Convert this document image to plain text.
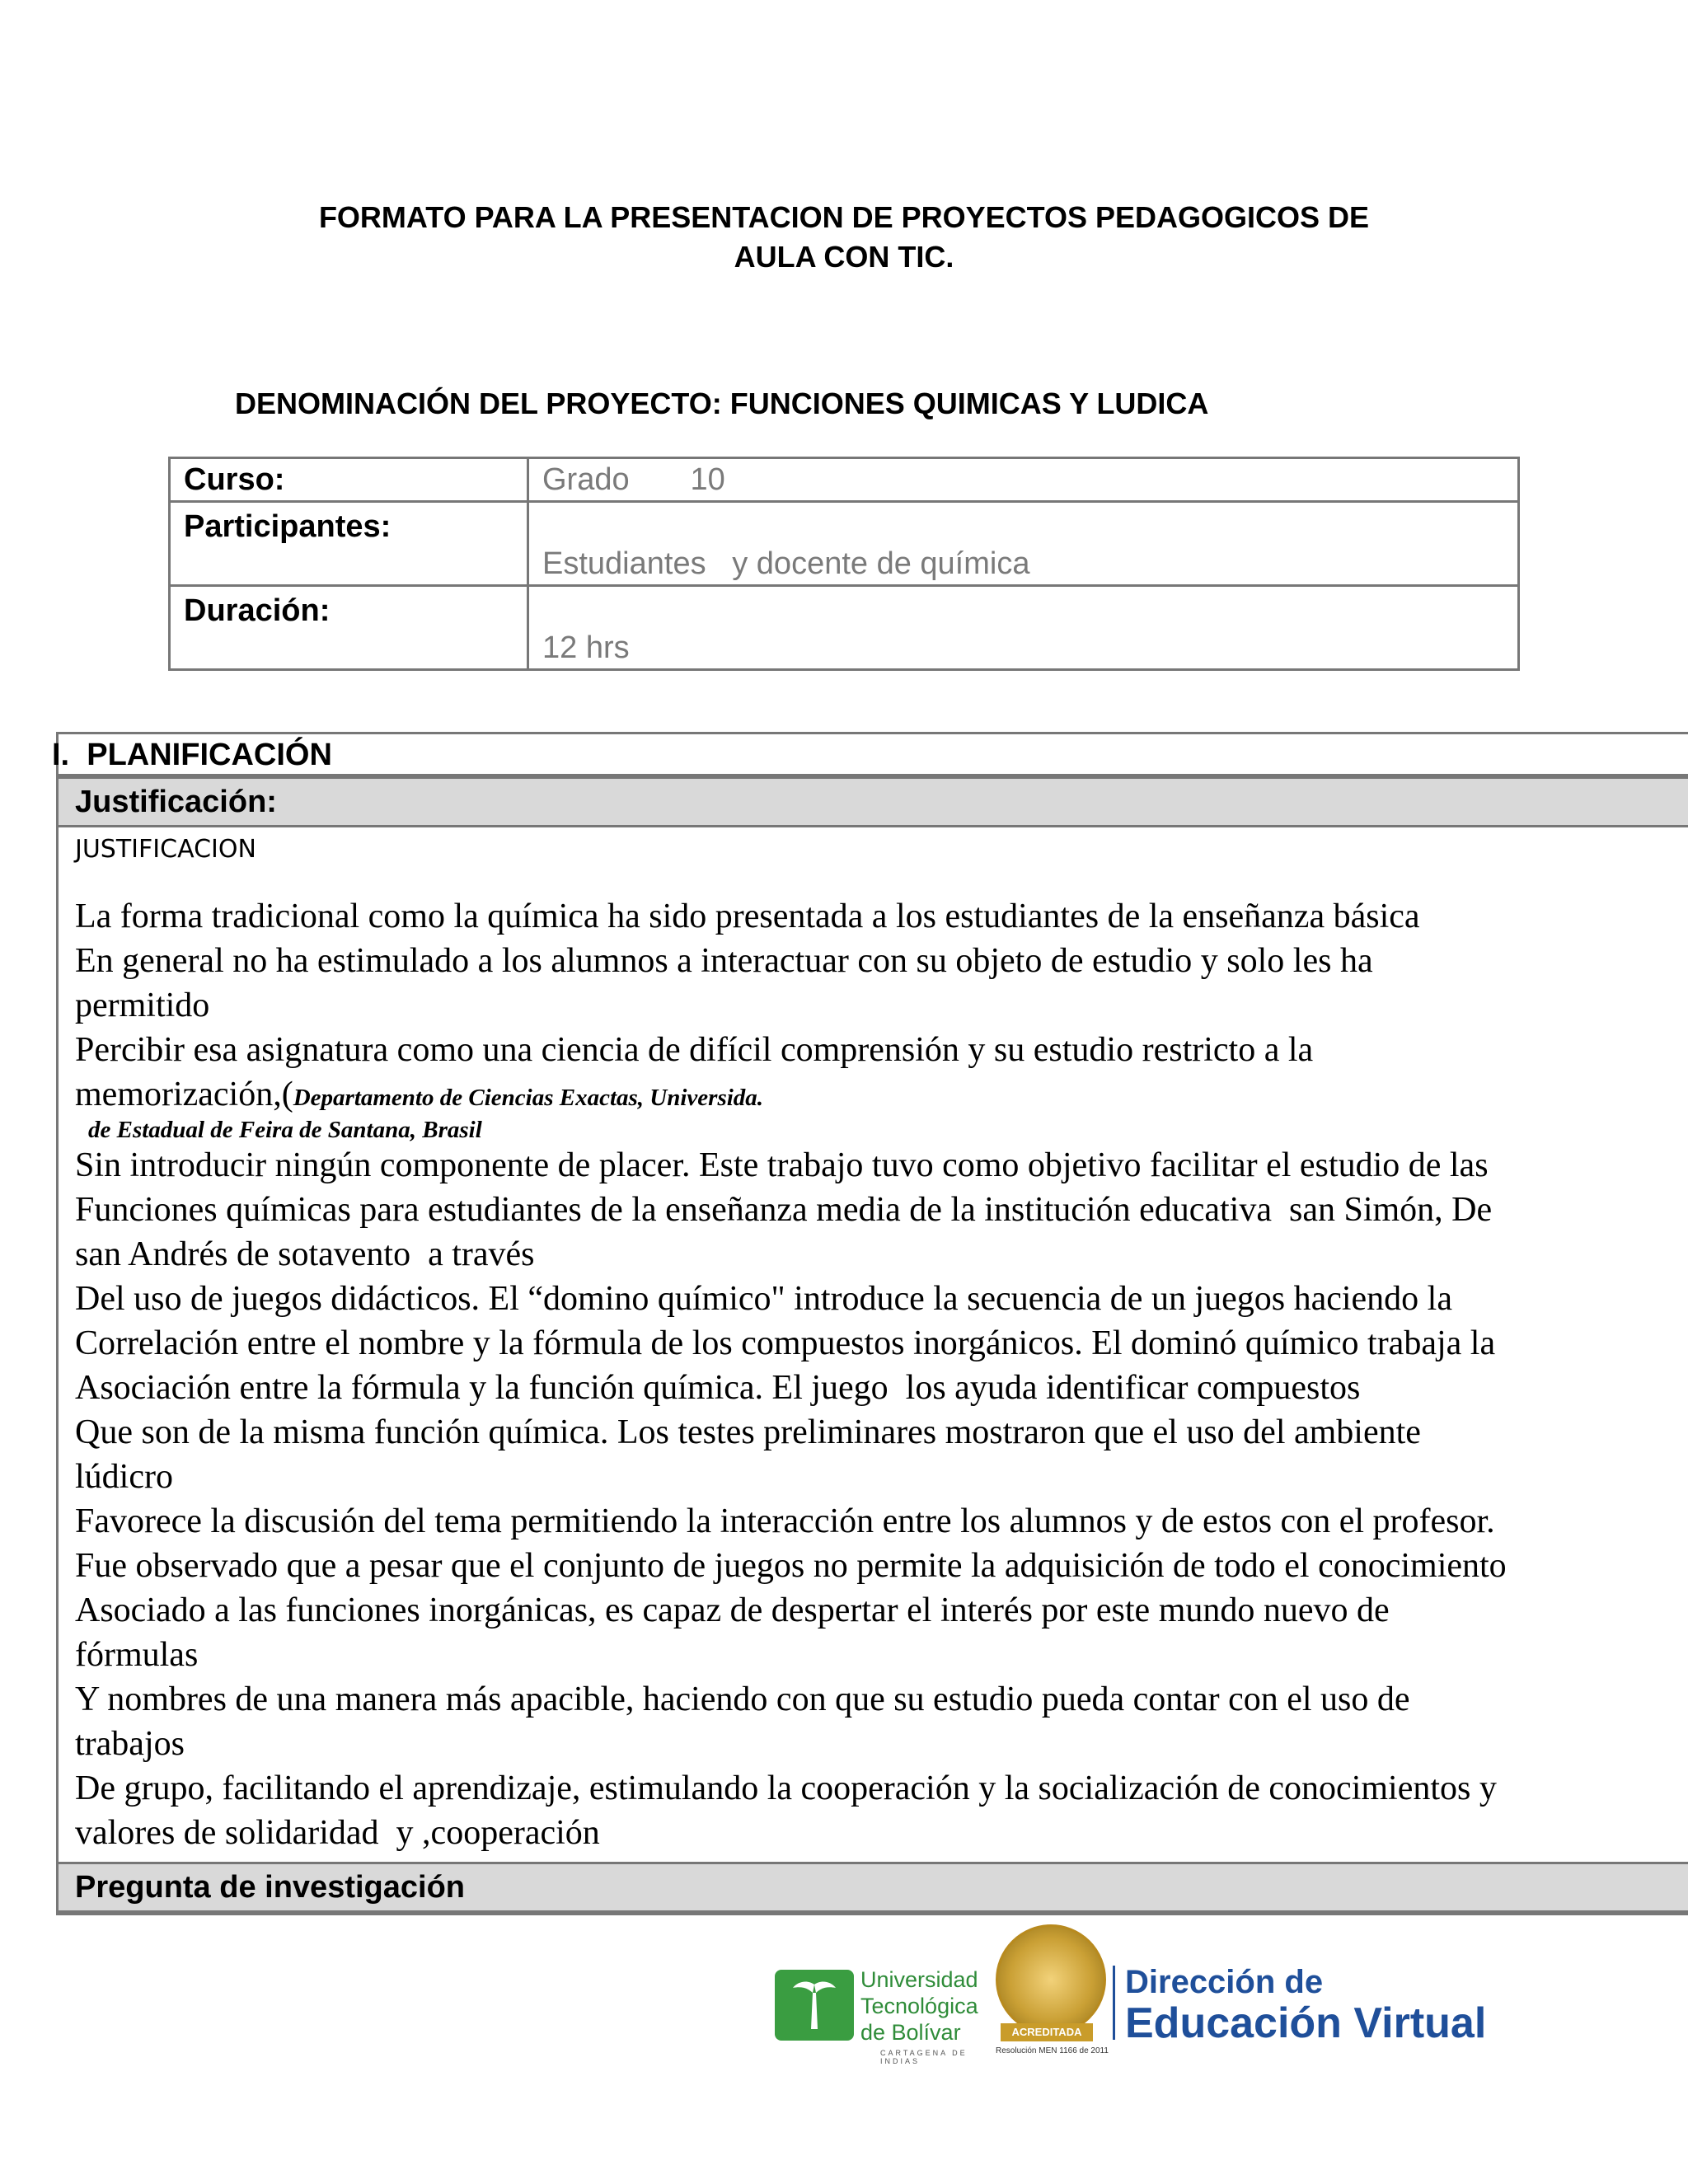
FORMATO PARA LA PRESENTACION DE PROYECTOS PEDAGOGICOS DE
AULA CON TIC.
DENOMINACIÓN DEL PROYECTO: FUNCIONES QUIMICAS Y LUDICA
Curso:	Grado       10
Participantes:	Estudiantes   y docente de química
Duración:	12 hrs
I.  PLANIFICACIÓN
Justificación:
JUSTIFICACION

La forma tradicional como la química ha sido presentada a los estudiantes de la enseñanza básica

En general no ha estimulado a los alumnos a interactuar con su objeto de estudio y solo les ha

permitido

Percibir esa asignatura como una ciencia de difícil comprensión y su estudio restricto a la

memorización,(Departamento de Ciencias Exactas, Universida.

de Estadual de Feira de Santana, Brasil

Sin introducir ningún componente de placer. Este trabajo tuvo como objetivo facilitar el estudio de las

Funciones químicas para estudiantes de la enseñanza media de la institución educativa  san Simón, De

san Andrés de sotavento  a través

Del uso de juegos didácticos. El “domino químico" introduce la secuencia de un juegos haciendo la

Correlación entre el nombre y la fórmula de los compuestos inorgánicos. El dominó químico trabaja la

Asociación entre la fórmula y la función química. El juego  los ayuda identificar compuestos

Que son de la misma función química. Los testes preliminares mostraron que el uso del ambiente

lúdicro

Favorece la discusión del tema permitiendo la interacción entre los alumnos y de estos con el profesor.

Fue observado que a pesar que el conjunto de juegos no permite la adquisición de todo el conocimiento

Asociado a las funciones inorgánicas, es capaz de despertar el interés por este mundo nuevo de

fórmulas

Y nombres de una manera más apacible, haciendo con que su estudio pueda contar con el uso de

trabajos

De grupo, facilitando el aprendizaje, estimulando la cooperación y la socialización de conocimientos y

valores de solidaridad  y ,cooperación

Pregunta de investigación
Universidad
Tecnológica
de Bolívar
CARTAGENA DE INDIAS
ACREDITADA
Resolución MEN 1166 de 2011
Dirección de
Educación Virtual
